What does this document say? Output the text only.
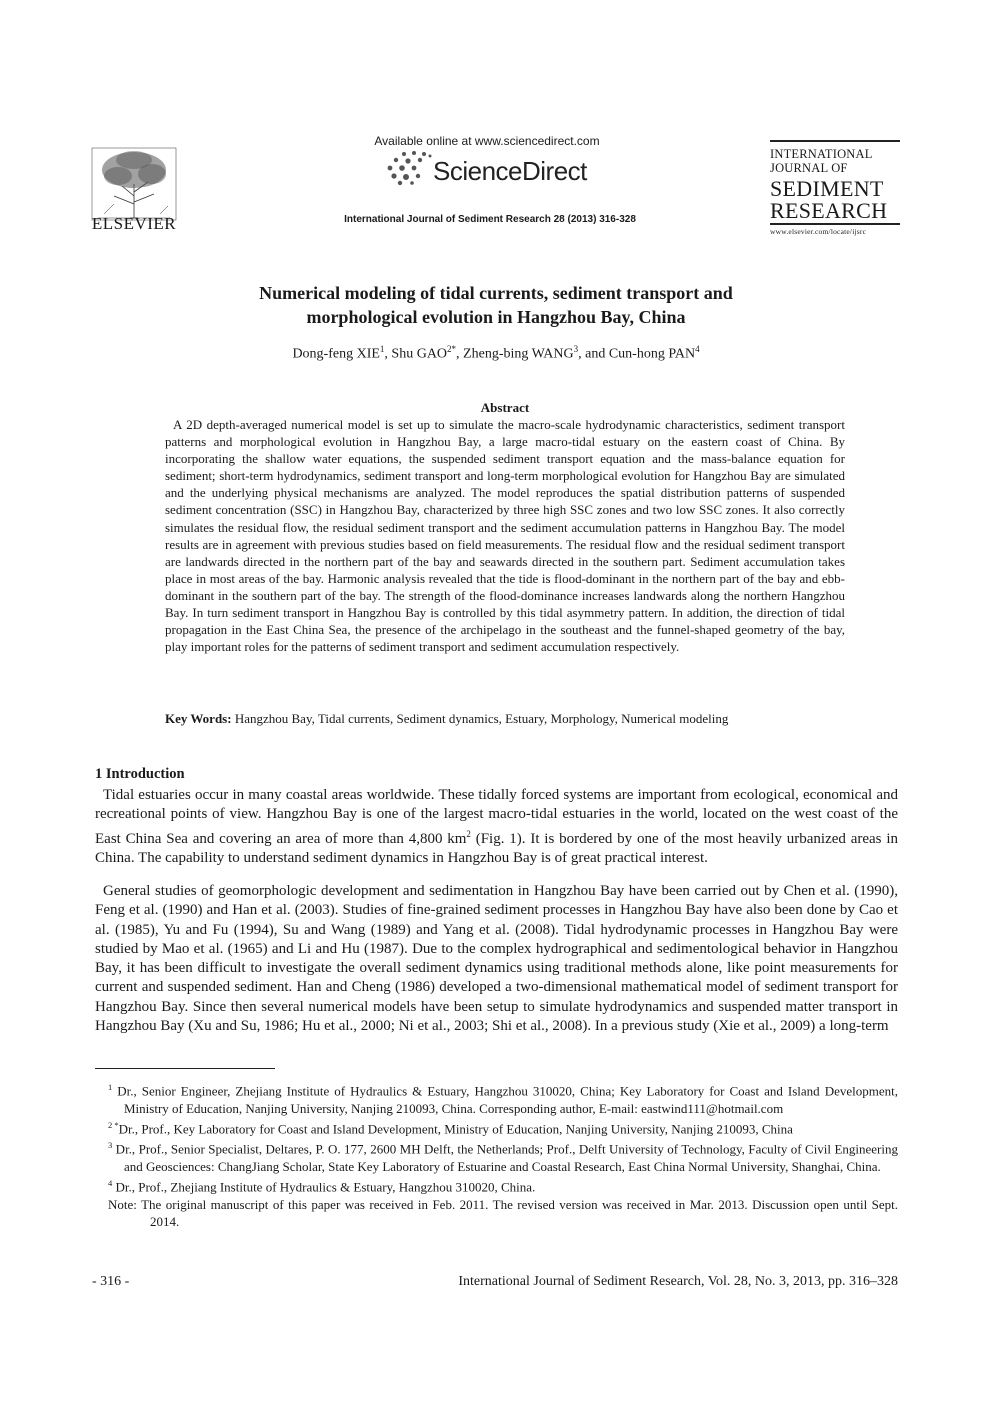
ELSEVIER
Available online at www.sciencedirect.com
ScienceDirect
International Journal of Sediment Research 28 (2013) 316-328
INTERNATIONAL
JOURNAL OF
SEDIMENT
RESEARCH
www.elsevier.com/locate/ijsrc
Numerical modeling of tidal currents, sediment transport and
morphological evolution in Hangzhou Bay, China
Dong-feng XIE$^1$, Shu $GAO^{2*}$, Zheng-bing WANG$^3$, and Cun-hong PAN$^4$
Abstract
A 2D depth-averaged numerical model is set up to simulate the macro-scale hydrodynamic characteristics, sediment transport patterns and morphological evolution in Hangzhou Bay, a large macro-tidal estuary on the eastern coast of China. By incorporating the shallow water equations, the suspended sediment transport equation and the mass-balance equation for sediment; short-term hydrodynamics, sediment transport and long-term morphological evolution for Hangzhou Bay are simulated and the underlying physical mechanisms are analyzed. The model reproduces the spatial distribution patterns of suspended sediment concentration (SSC) in Hangzhou Bay, characterized by three high SSC zones and two low SSC zones. It also correctly simulates the residual flow, the residual sediment transport and the sediment accumulation patterns in Hangzhou Bay. The model results are in agreement with previous studies based on field measurements. The residual flow and the residual sediment transport are landwards directed in the northern part of the bay and seawards directed in the southern part. Sediment accumulation takes place in most areas of the bay. Harmonic analysis revealed that the tide is flood-dominant in the northern part of the bay and ebb-dominant in the southern part of the bay. The strength of the flood-dominance increases landwards along the northern Hangzhou Bay. In turn sediment transport in Hangzhou Bay is controlled by this tidal asymmetry pattern. In addition, the direction of tidal propagation in the East China Sea, the presence of the archipelago in the southeast and the funnel-shaped geometry of the bay, play important roles for the patterns of sediment transport and sediment accumulation respectively.
Key Words: Hangzhou Bay, Tidal currents, Sediment dynamics, Estuary, Morphology, Numerical modeling
1 Introduction
Tidal estuaries occur in many coastal areas worldwide. These tidally forced systems are important from ecological, economical and recreational points of view. Hangzhou Bay is one of the largest macro-tidal estuaries in the world, located on the west coast of the East China Sea and covering an area of more than 4,800 $km^2$ (Fig. 1). It is bordered by one of the most heavily urbanized areas in China. The capability to understand sediment dynamics in Hangzhou Bay is of great practical interest.
General studies of geomorphologic development and sedimentation in Hangzhou Bay have been carried out by Chen et al. (1990), Feng et al. (1990) and Han et al. (2003). Studies of fine-grained sediment processes in Hangzhou Bay have also been done by Cao et al. (1985), Yu and Fu (1994), Su and Wang (1989) and Yang et al. (2008). Tidal hydrodynamic processes in Hangzhou Bay were studied by Mao et al. (1965) and Li and Hu (1987). Due to the complex hydrographical and sedimentological behavior in Hangzhou Bay, it has been difficult to investigate the overall sediment dynamics using traditional methods alone, like point measurements for current and suspended sediment. Han and Cheng (1986) developed a two-dimensional mathematical model of sediment transport for Hangzhou Bay. Since then several numerical models have been setup to simulate hydrodynamics and suspended matter transport in Hangzhou Bay (Xu and Su, 1986; Hu et al., 2000; Ni et al., 2003; Shi et al., 2008). In a previous study (Xie et al., 2009) a long-term
$^1$ Dr., Senior Engineer, Zhejiang Institute of Hydraulics & Estuary, Hangzhou 310020, China; Key Laboratory for Coast and Island Development, Ministry of Education, Nanjing University, Nanjing 210093, China. Corresponding author, E-mail: eastwind111@hotmail.com
$^{2 *}$Dr., Prof., Key Laboratory for Coast and Island Development, Ministry of Education, Nanjing University, Nanjing 210093, China
$^3$ Dr., Prof., Senior Specialist, Deltares, P. O. 177, 2600 MH Delft, the Netherlands; Prof., Delft University of Technology, Faculty of Civil Engineering and Geosciences: ChangJiang Scholar, State Key Laboratory of Estuarine and Coastal Research, East China Normal University, Shanghai, China.
$^4$ Dr., Prof., Zhejiang Institute of Hydraulics & Estuary, Hangzhou 310020, China.
Note: The original manuscript of this paper was received in Feb. 2011. The revised version was received in Mar. 2013. Discussion open until Sept. 2014.
- 316 -	International Journal of Sediment Research, Vol. 28, No. 3, 2013, pp. 316–328
